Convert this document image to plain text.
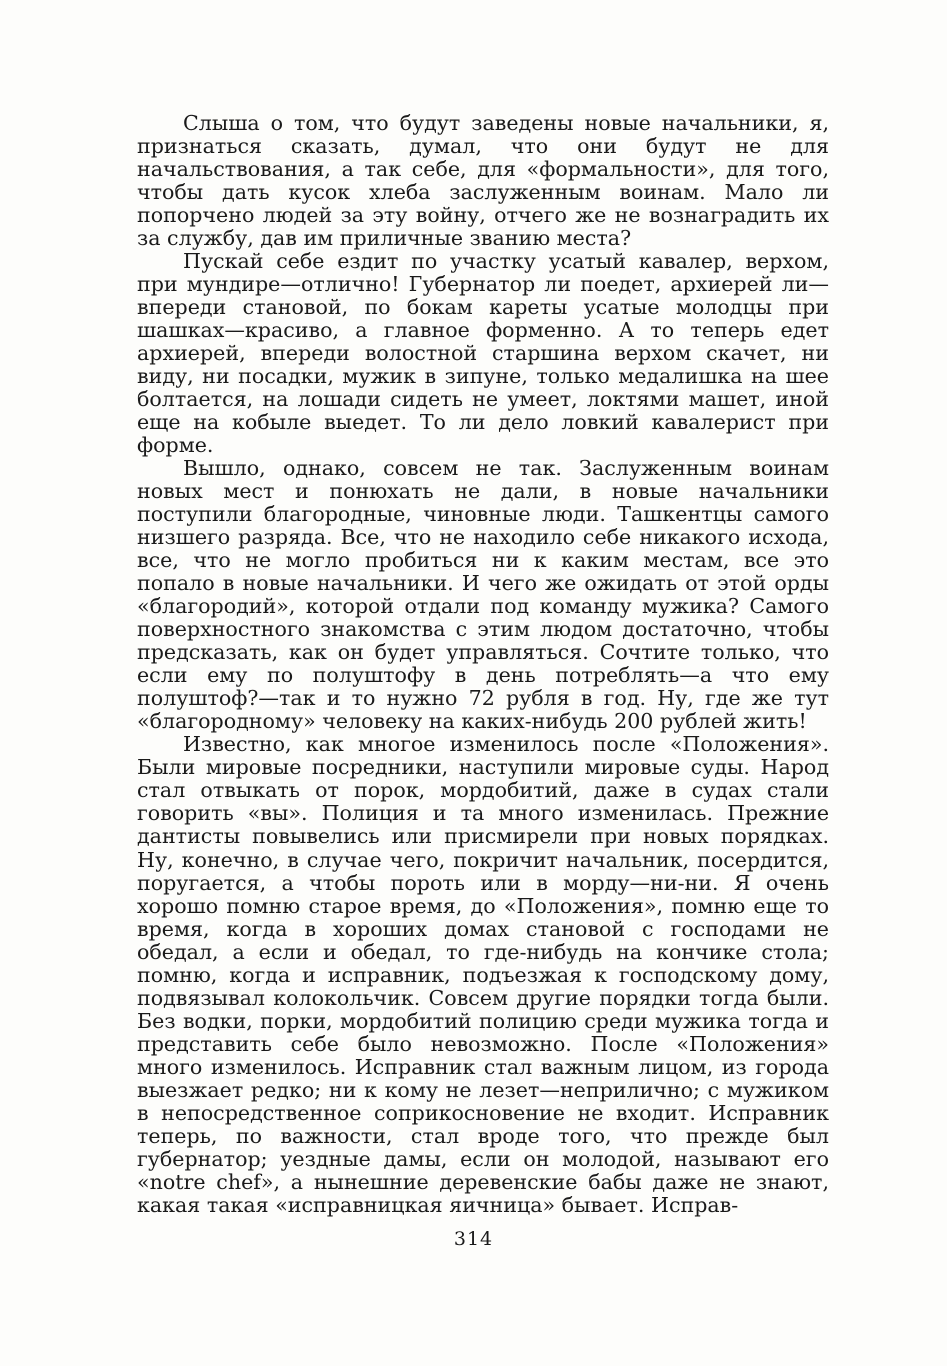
Слыша о том, что будут заведены новые начальники, я, признаться сказать, думал, что они будут не для начальствования, а так себе, для «формальности», для того, чтобы дать кусок хлеба заслуженным воинам. Мало ли попорчено людей за эту войну, отчего же не вознаградить их за службу, дав им приличные званию места?

Пускай себе ездит по участку усатый кавалер, верхом, при мундире—отлично! Губернатор ли поедет, архиерей ли—впереди становой, по бокам кареты усатые молодцы при шашках—красиво, а главное форменно. А то теперь едет архиерей, впереди волостной старшина верхом скачет, ни виду, ни посадки, мужик в зипуне, только медалишка на шее болтается, на лошади сидеть не умеет, локтями машет, иной еще на кобыле выедет. То ли дело ловкий кавалерист при форме.

Вышло, однако, совсем не так. Заслуженным воинам новых мест и понюхать не дали, в новые начальники поступили благородные, чиновные люди. Ташкентцы самого низшего разряда. Все, что не находило себе никакого исхода, все, что не могло пробиться ни к каким местам, все это попало в новые начальники. И чего же ожидать от этой орды «благородий», которой отдали под команду мужика? Самого поверхностного знакомства с этим людом достаточно, чтобы предсказать, как он будет управляться. Сочтите только, что если ему по полуштофу в день потреблять—а что ему полуштоф?—так и то нужно 72 рубля в год. Ну, где же тут «благородному» человеку на каких-нибудь 200 рублей жить!

Известно, как многое изменилось после «Положения». Были мировые посредники, наступили мировые суды. Народ стал отвыкать от порок, мордобитий, даже в судах стали говорить «вы». Полиция и та много изменилась. Прежние дантисты повывелись или присмирели при новых порядках. Ну, конечно, в случае чего, покричит начальник, посердится, поругается, а чтобы пороть или в морду—ни-ни. Я очень хорошо помню старое время, до «Положения», помню еще то время, когда в хороших домах становой с господами не обедал, а если и обедал, то где-нибудь на кончике стола; помню, когда и исправник, подъезжая к господскому дому, подвязывал колокольчик. Совсем другие порядки тогда были. Без водки, порки, мордобитий полицию среди мужика тогда и представить себе было невозможно. После «Положения» много изменилось. Исправник стал важным лицом, из города выезжает редко; ни к кому не лезет—неприлично; с мужиком в непосредственное соприкосновение не входит. Исправник теперь, по важности, стал вроде того, что прежде был губернатор; уездные дамы, если он молодой, называют его «notre chef», а нынешние деревенские бабы даже не знают, какая такая «исправницкая яичница» бывает. Исправ-

314
